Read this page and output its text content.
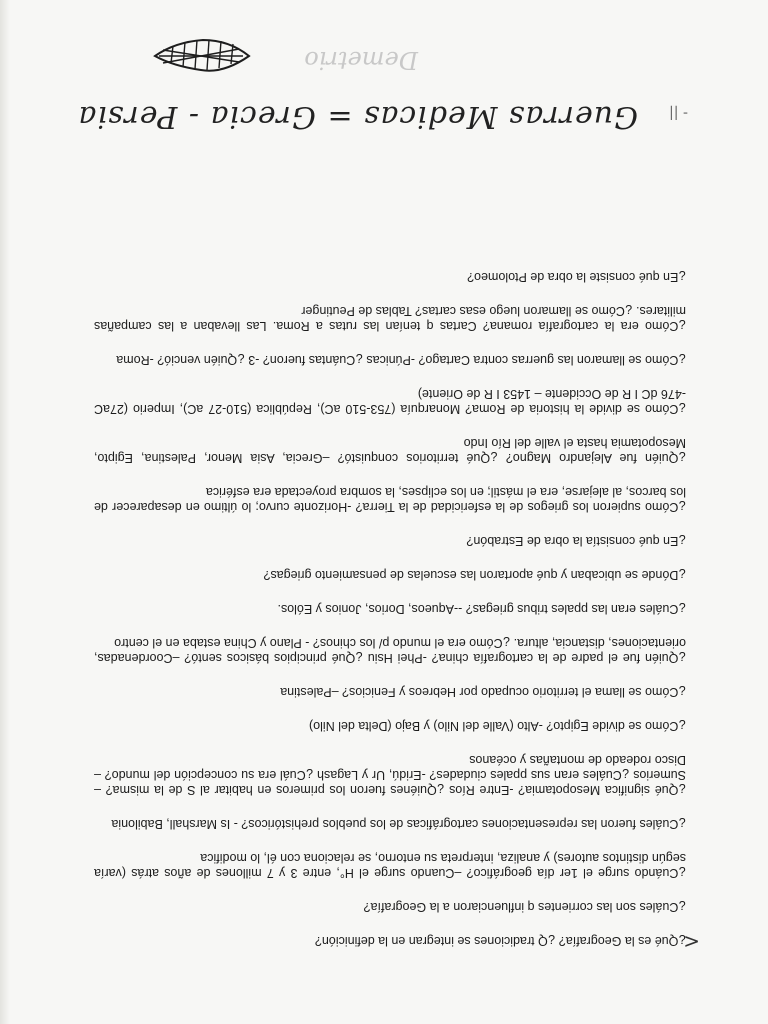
¿Qué es la Geografía? ¿Q tradiciones se integran en la definición?

¿Cuáles son las corrientes q influenciaron a la Geografía?

¿Cuándo surge el 1er día geográfico? –Cuando surge el H°, entre 3 y 7 millones de años atrás (varía según distintos autores) y analiza, interpreta su entorno, se relaciona con él, lo modifica

¿Cuáles fueron las representaciones cartográficas de los pueblos prehistóricos? - Is Marshall, Babilonia

¿Qué significa Mesopotamia? -Entre Ríos ¿Quiénes fueron los primeros en habitar al S de la misma? –Sumerios ¿Cuáles eran sus ppales ciudades? -Eridú, Ur y Lagash ¿Cuál era su concepción del mundo? – Disco rodeado de montañas y océanos

¿Cómo se divide Egipto? -Alto (Valle del Nilo) y Bajo (Delta del Nilo)

¿Cómo se llama el territorio ocupado por Hebreos y Fenicios? –Palestina

¿Quién fue el padre de la cartografía china? -Phei Hsiu ¿Qué principios básicos sentó? –Coordenadas, orientaciones, distancia, altura. ¿Cómo era el mundo p/ los chinos? - Plano y China estaba en el centro

¿Cuáles eran las ppales tribus griegas? --Aqueos, Dorios, Jonios y Eólos.

¿Dónde se ubicaban y qué aportaron las escuelas de pensamiento griegas?

¿En qué consistía la obra de Estrabón?

¿Cómo supieron los griegos de la esfericidad de la Tierra? -Horizonte curvo; lo último en desaparecer de los barcos, al alejarse, era el mástil; en los eclipses, la sombra proyectada era esférica

¿Quién fue Alejandro Magno? ¿Qué territorios conquistó? –Grecia, Asia Menor, Palestina, Egipto, Mesopotamia hasta el valle del Río Indo

¿Cómo se divide la historia de Roma? Monarquía (753-510 aC), República (510-27 aC), Imperio (27aC -476 dC I R de Occidente – 1453 I R de Oriente)

¿Cómo se llamaron las guerras contra Cartago? -Púnicas ¿Cuántas fueron? -3 ¿Quién venció? -Roma

¿Cómo era la cartografía romana? Cartas q tenían las rutas a Roma. Las llevaban a las campañas militares. ¿Cómo se llamaron luego esas cartas? Tablas de Peutinger

¿En qué consiste la obra de Ptolomeo?

<
Guerras Medicas = Grecia - Persia - ||
Demetrio
